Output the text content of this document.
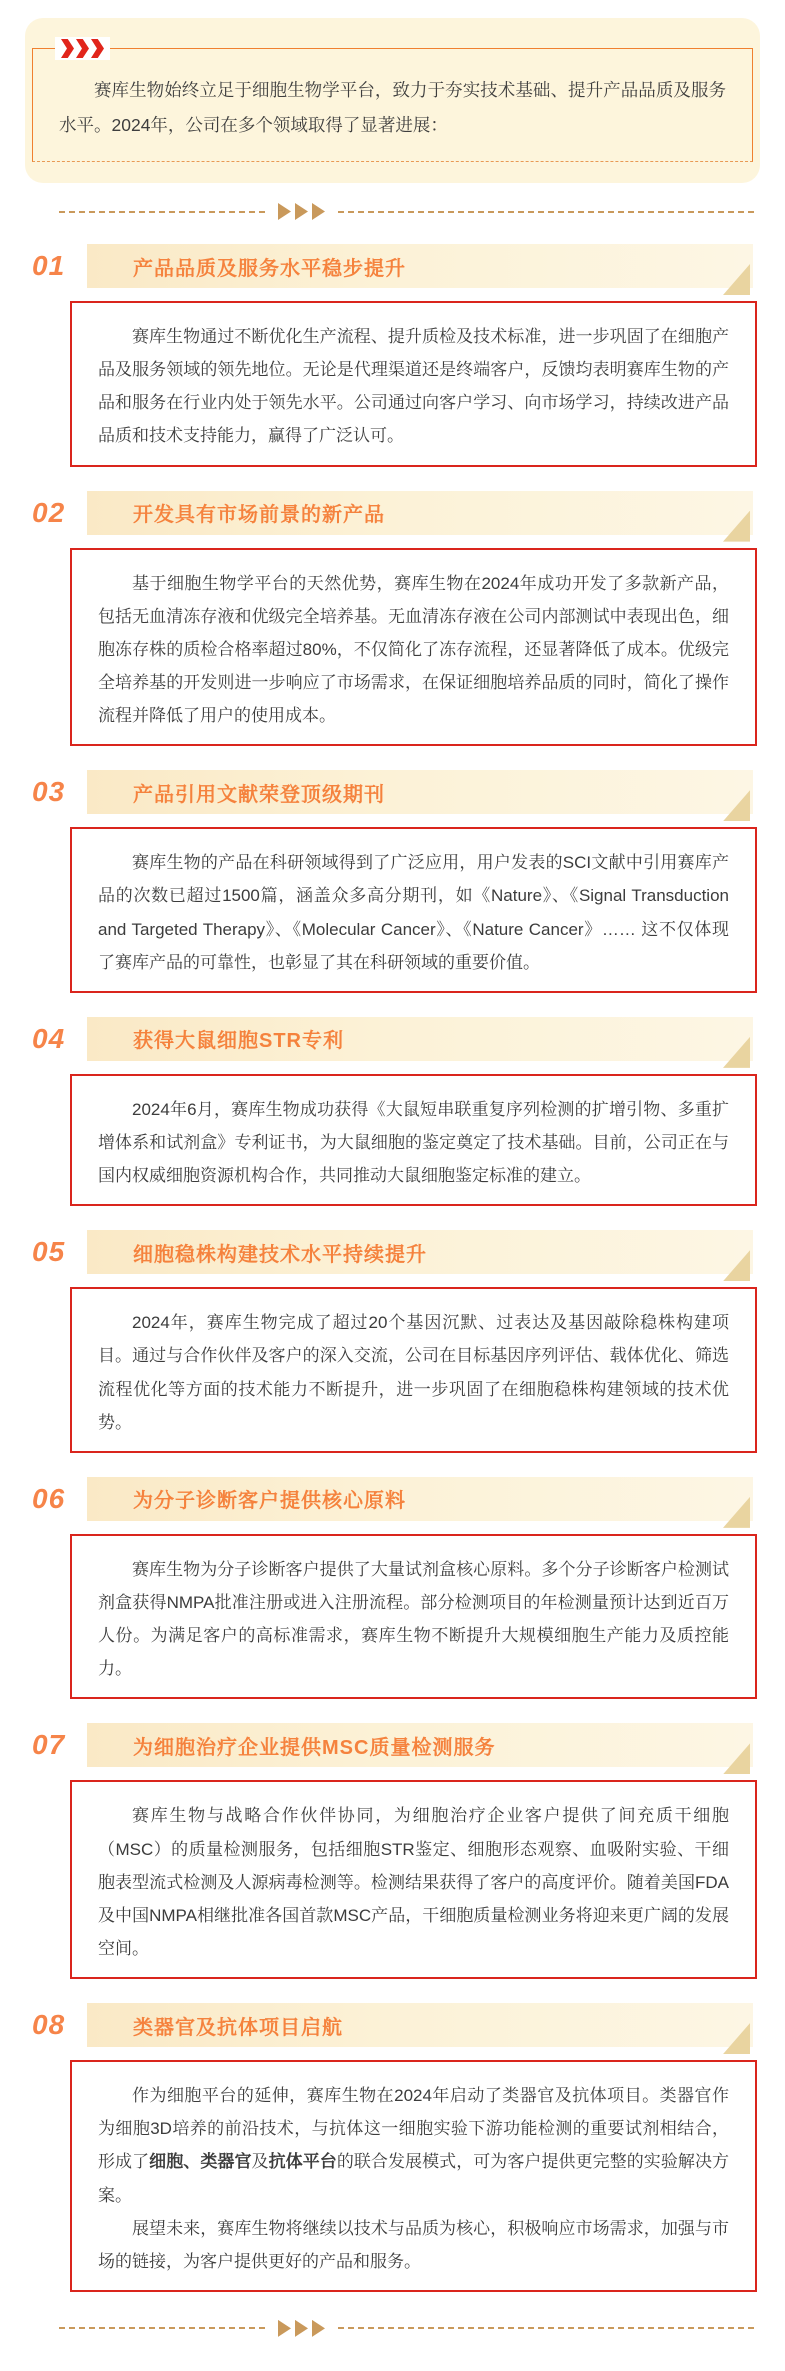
赛库生物始终立足于细胞生物学平台，致力于夯实技术基础、提升产品品质及服务水平。2024年，公司在多个领域取得了显著进展：

01	产品品质及服务水平稳步提升

赛库生物通过不断优化生产流程、提升质检及技术标准，进一步巩固了在细胞产品及服务领域的领先地位。无论是代理渠道还是终端客户，反馈均表明赛库生物的产品和服务在行业内处于领先水平。公司通过向客户学习、向市场学习，持续改进产品品质和技术支持能力，赢得了广泛认可。

02	开发具有市场前景的新产品

基于细胞生物学平台的天然优势，赛库生物在2024年成功开发了多款新产品，包括无血清冻存液和优级完全培养基。无血清冻存液在公司内部测试中表现出色，细胞冻存株的质检合格率超过80%，不仅简化了冻存流程，还显著降低了成本。优级完全培养基的开发则进一步响应了市场需求，在保证细胞培养品质的同时，简化了操作流程并降低了用户的使用成本。

03	产品引用文献荣登顶级期刊

赛库生物的产品在科研领域得到了广泛应用，用户发表的SCI文献中引用赛库产品的次数已超过1500篇，涵盖众多高分期刊，如《Nature》、《Signal Transduction and Targeted Therapy》、《Molecular Cancer》、《Nature Cancer》…… 这不仅体现了赛库产品的可靠性，也彰显了其在科研领域的重要价值。

04	获得大鼠细胞STR专利

2024年6月，赛库生物成功获得《大鼠短串联重复序列检测的扩增引物、多重扩增体系和试剂盒》专利证书，为大鼠细胞的鉴定奠定了技术基础。目前，公司正在与国内权威细胞资源机构合作，共同推动大鼠细胞鉴定标准的建立。

05	细胞稳株构建技术水平持续提升

2024年，赛库生物完成了超过20个基因沉默、过表达及基因敲除稳株构建项目。通过与合作伙伴及客户的深入交流，公司在目标基因序列评估、载体优化、筛选流程优化等方面的技术能力不断提升，进一步巩固了在细胞稳株构建领域的技术优势。

06	为分子诊断客户提供核心原料

赛库生物为分子诊断客户提供了大量试剂盒核心原料。多个分子诊断客户检测试剂盒获得NMPA批准注册或进入注册流程。部分检测项目的年检测量预计达到近百万人份。为满足客户的高标准需求，赛库生物不断提升大规模细胞生产能力及质控能力。

07	为细胞治疗企业提供MSC质量检测服务

赛库生物与战略合作伙伴协同，为细胞治疗企业客户提供了间充质干细胞（MSC）的质量检测服务，包括细胞STR鉴定、细胞形态观察、血吸附实验、干细胞表型流式检测及人源病毒检测等。检测结果获得了客户的高度评价。随着美国FDA及中国NMPA相继批准各国首款MSC产品，干细胞质量检测业务将迎来更广阔的发展空间。

08	类器官及抗体项目启航

作为细胞平台的延伸，赛库生物在2024年启动了类器官及抗体项目。类器官作为细胞3D培养的前沿技术，与抗体这一细胞实验下游功能检测的重要试剂相结合，形成了细胞、类器官及抗体平台的联合发展模式，可为客户提供更完整的实验解决方案。

展望未来，赛库生物将继续以技术与品质为核心，积极响应市场需求，加强与市场的链接，为客户提供更好的产品和服务。
